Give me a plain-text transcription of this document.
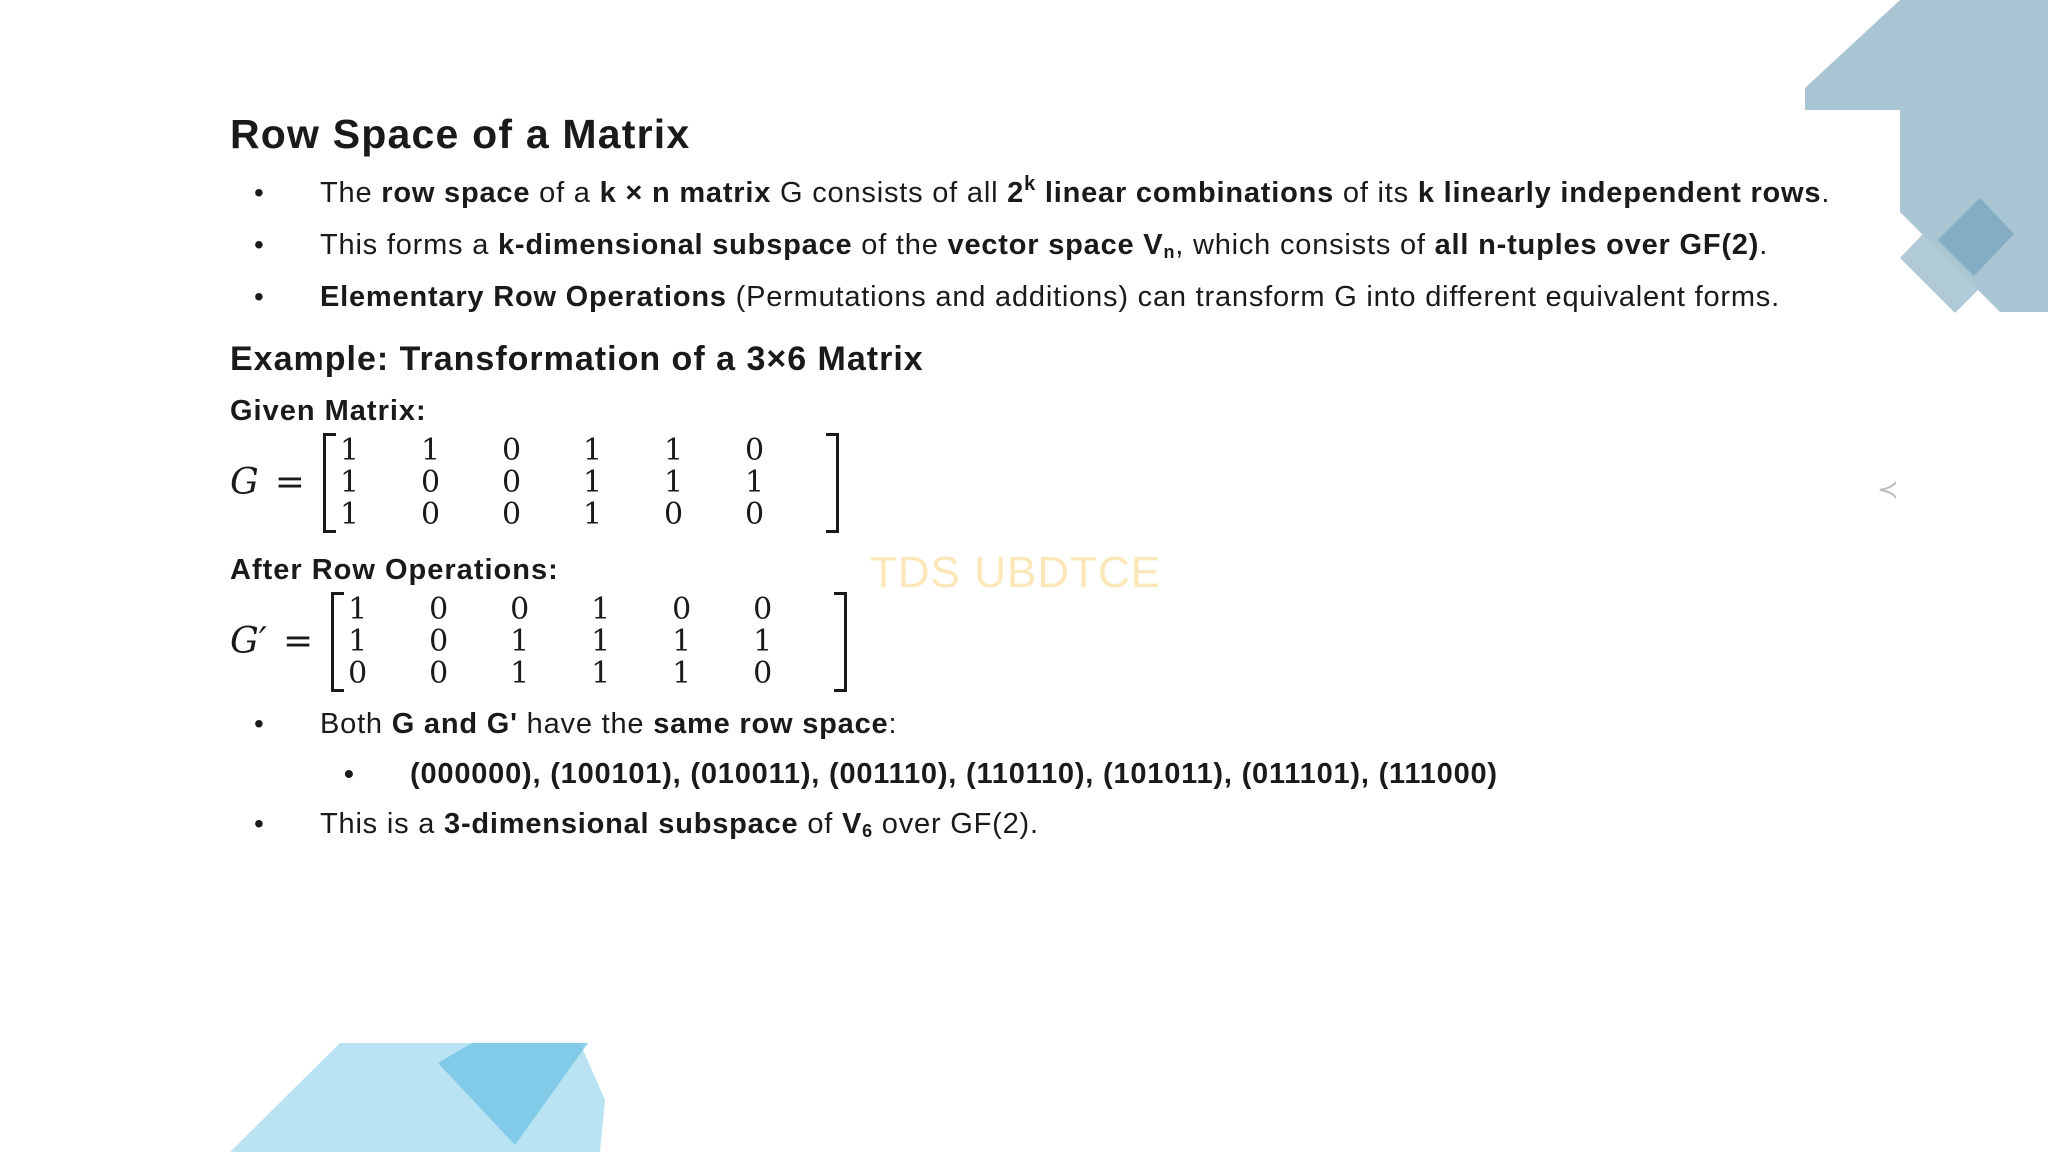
≺
TDS UBDTCE
Row Space of a Matrix
• The row space of a k × n matrix G consists of all 2$^k$ linear combinations of its k linearly independent rows.
• This forms a k-dimensional subspace of the vector space $V_n$, which consists of all n-tuples over GF(2).
• Elementary Row Operations (Permutations and additions) can transform G into different equivalent forms.
Example: Transformation of a 3×6 Matrix
Given Matrix:
G =
1	1	0	1	1	0
1	0	0	1	1	1
1	0	0	1	0	0
After Row Operations:
G′ =
1	0	0	1	0	0
1	0	1	1	1	1
0	0	1	1	1	0
• Both G and G' have the same row space:
• (000000), (100101), (010011), (001110), (110110), (101011), (011101), (111000)
• This is a 3-dimensional subspace of $V_6$ over GF(2).
